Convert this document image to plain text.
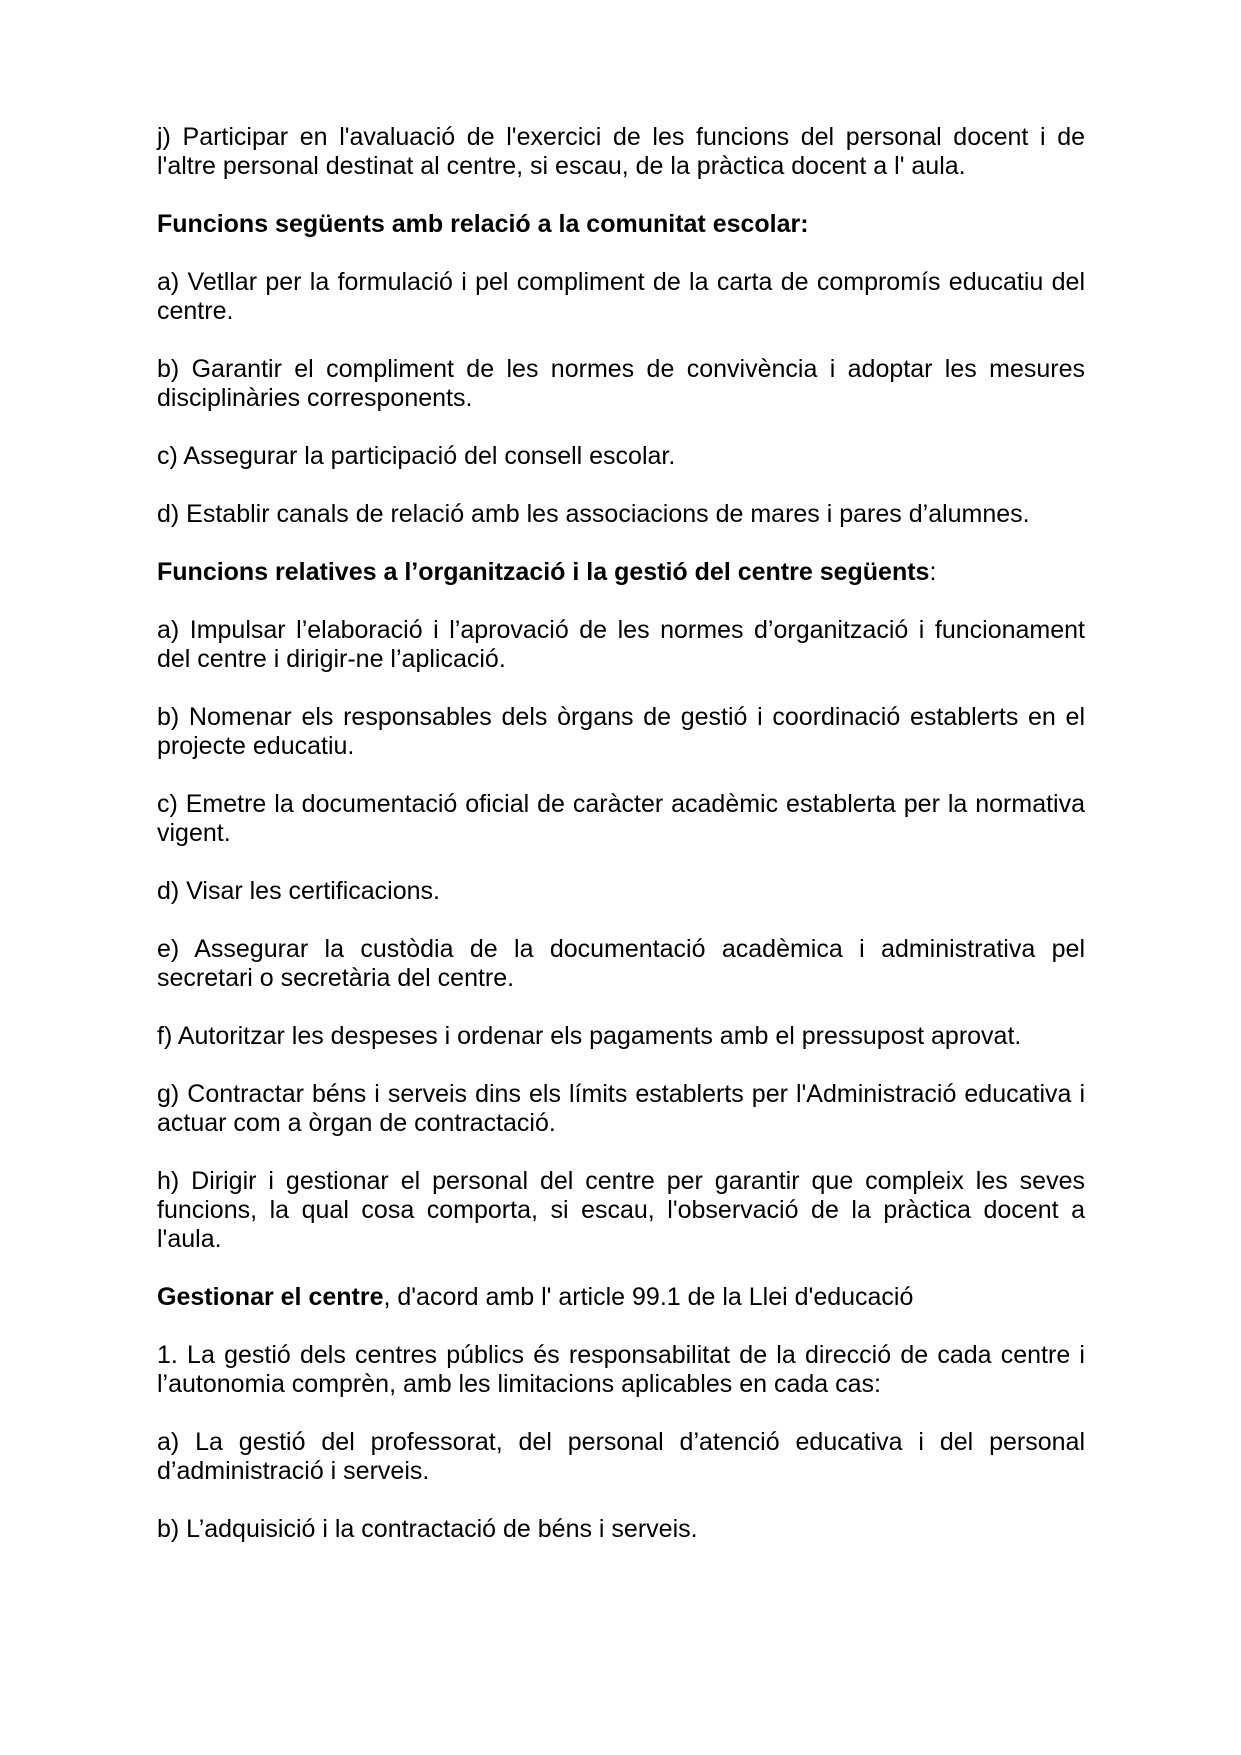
j) Participar en l'avaluació de l'exercici de les funcions del personal docent i de l'altre personal destinat al centre, si escau, de la pràctica docent a l' aula.

Funcions següents amb relació a la comunitat escolar:

a) Vetllar per la formulació i pel compliment de la carta de compromís educatiu del centre.

b) Garantir el compliment de les normes de convivència i adoptar les mesures disciplinàries corresponents.

c) Assegurar la participació del consell escolar.

d) Establir canals de relació amb les associacions de mares i pares d’alumnes.

Funcions relatives a l’organització i la gestió del centre següents:

a) Impulsar l’elaboració i l’aprovació de les normes d’organització i funcionament del centre i dirigir-ne l’aplicació.

b) Nomenar els responsables dels òrgans de gestió i coordinació establerts en el projecte educatiu.

c) Emetre la documentació oficial de caràcter acadèmic establerta per la normativa vigent.

d) Visar les certificacions.

e) Assegurar la custòdia de la documentació acadèmica i administrativa pel secretari o secretària del centre.

f) Autoritzar les despeses i ordenar els pagaments amb el pressupost aprovat.

g) Contractar béns i serveis dins els límits establerts per l'Administració educativa i actuar com a òrgan de contractació.

h) Dirigir i gestionar el personal del centre per garantir que compleix les seves funcions, la qual cosa comporta, si escau, l'observació de la pràctica docent a l'aula.

Gestionar el centre, d'acord amb l' article 99.1 de la Llei d'educació

1. La gestió dels centres públics és responsabilitat de la direcció de cada centre i l’autonomia comprèn, amb les limitacions aplicables en cada cas:

a) La gestió del professorat, del personal d’atenció educativa i del personal d’administració i serveis.

b) L’adquisició i la contractació de béns i serveis.
